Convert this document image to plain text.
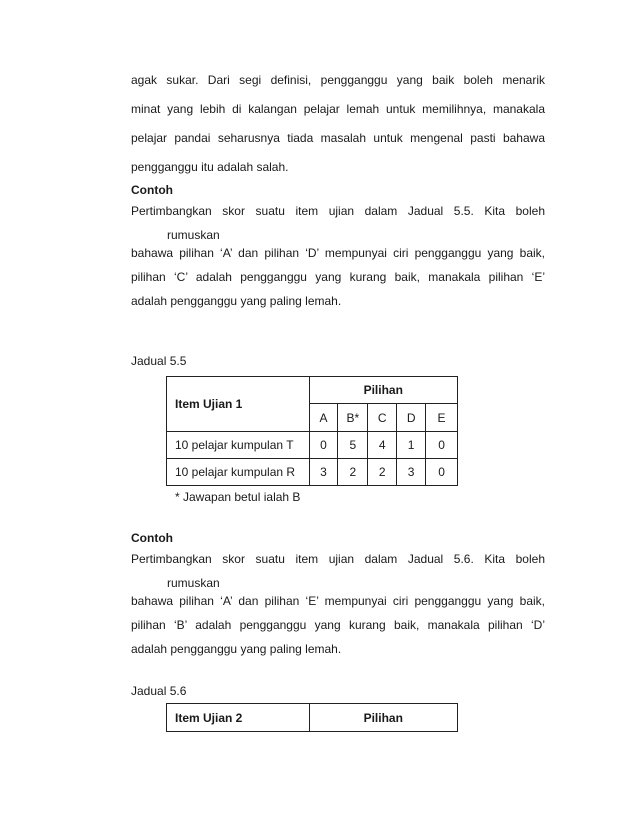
agak sukar. Dari segi definisi, pengganggu yang baik boleh menarik
minat yang lebih di kalangan pelajar lemah untuk memilihnya, manakala
pelajar pandai seharusnya tiada masalah untuk mengenal pasti bahawa
pengganggu itu adalah salah.
Contoh
Pertimbangkan skor suatu item ujian dalam Jadual 5.5. Kita boleh
rumuskan
bahawa pilihan ‘A’ dan pilihan ‘D’ mempunyai ciri pengganggu yang baik,
pilihan ‘C’ adalah pengganggu yang kurang baik, manakala pilihan ‘E’
adalah pengganggu yang paling lemah.
Jadual 5.5
Item Ujian 1	Pilihan				
	A	B*	C	D	E
10 pelajar kumpulan T	0	5	4	1	0
10 pelajar kumpulan R	3	2	2	3	0
* Jawapan betul ialah B
Contoh
Pertimbangkan skor suatu item ujian dalam Jadual 5.6. Kita boleh
rumuskan
bahawa pilihan ‘A’ dan pilihan ‘E’ mempunyai ciri pengganggu yang baik,
pilihan ‘B’ adalah pengganggu yang kurang baik, manakala pilihan ‘D’
adalah pengganggu yang paling lemah.
Jadual 5.6
Item Ujian 2	Pilihan
